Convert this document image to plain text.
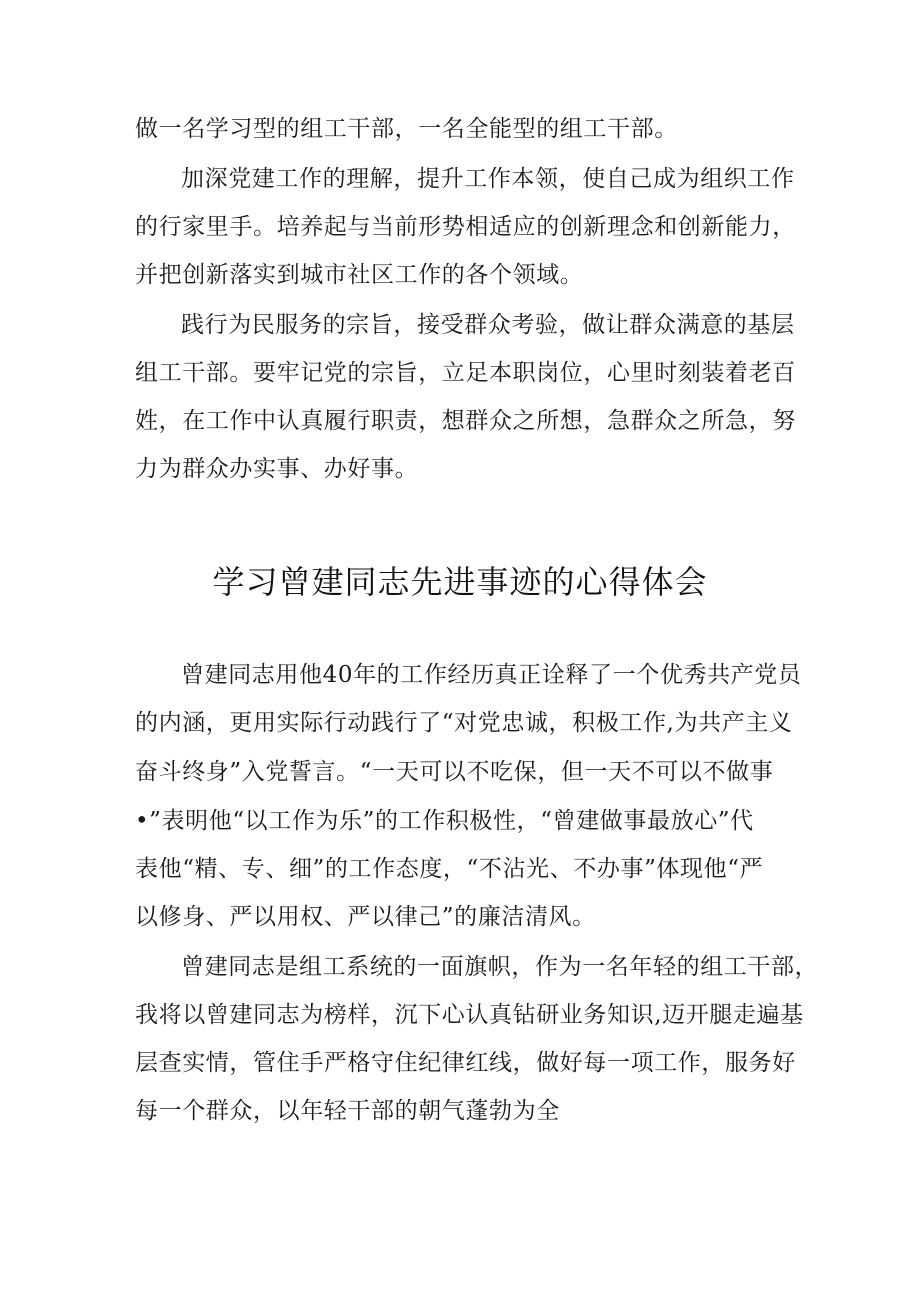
做一名学习型的组工干部，一名全能型的组工干部。
加深党建工作的理解，提升工作本领，使自己成为组织工作
的行家里手。培养起与当前形势相适应的创新理念和创新能力，
并把创新落实到城市社区工作的各个领域。
践行为民服务的宗旨，接受群众考验，做让群众满意的基层
组工干部。要牢记党的宗旨，立足本职岗位，心里时刻装着老百
姓，在工作中认真履行职责，想群众之所想，急群众之所急，努
力为群众办实事、办好事。
学习曾建同志先进事迹的心得体会
曾建同志用他40年的工作经历真正诠释了一个优秀共产党员
的内涵，更用实际行动践行了“对党忠诚，积极工作,为共产主义
奋斗终身”入党誓言。“一天可以不吃保，但一天不可以不做事
•”表明他“以工作为乐”的工作积极性，“曾建做事最放心”代
表他“精、专、细”的工作态度，“不沾光、不办事”体现他“严
以修身、严以用权、严以律己”的廉洁清风。
曾建同志是组工系统的一面旗帜，作为一名年轻的组工干部，
我将以曾建同志为榜样，沉下心认真钻研业务知识,迈开腿走遍基
层查实情，管住手严格守住纪律红线，做好每一项工作，服务好
每一个群众，以年轻干部的朝气蓬勃为全
